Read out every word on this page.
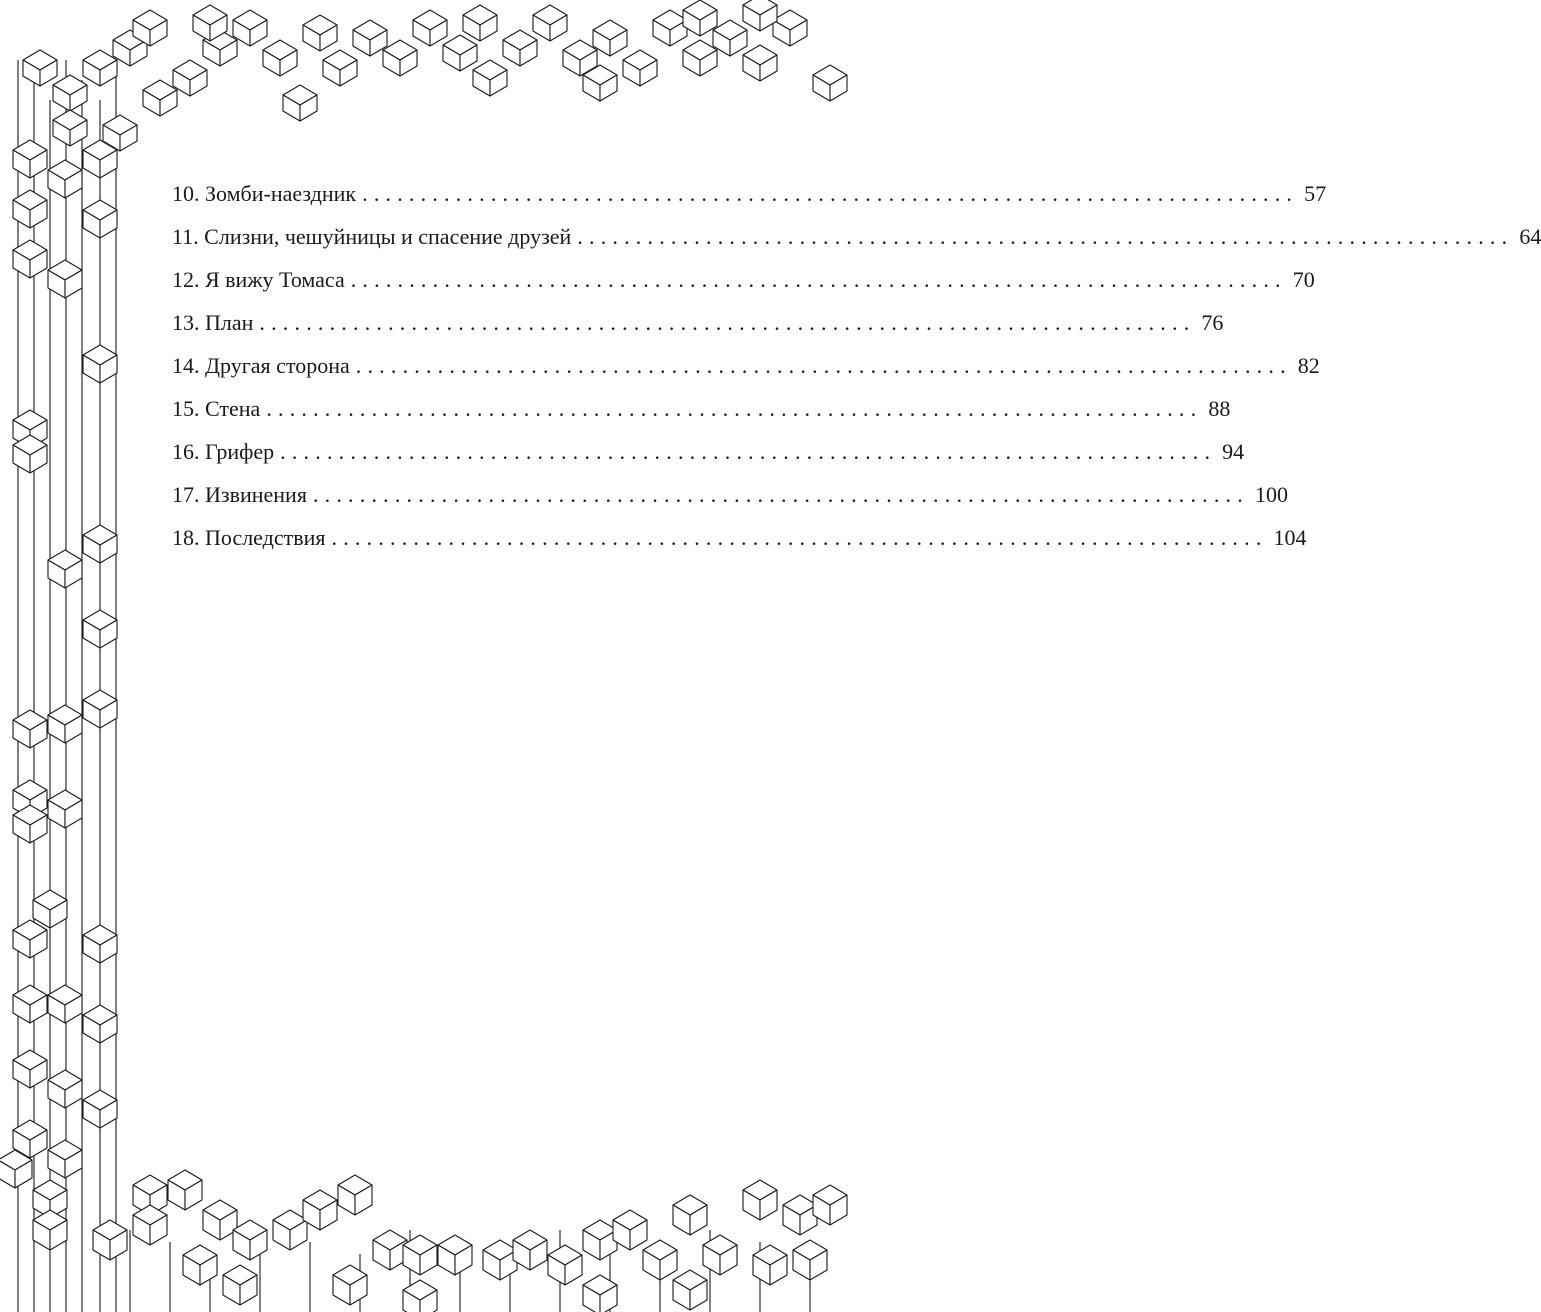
10. Зомби-наездник ................................................................................ 57
11. Слизни, чешуйницы и спасение друзей ................................................................................ 64
12. Я вижу Томаса ................................................................................ 70
13. План ................................................................................ 76
14. Другая сторона ................................................................................ 82
15. Стена ................................................................................ 88
16. Грифер ................................................................................ 94
17. Извинения ................................................................................ 100
18. Последствия ................................................................................ 104
